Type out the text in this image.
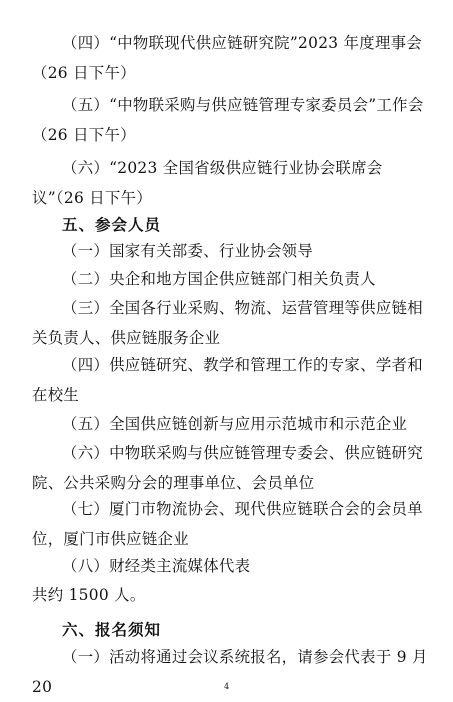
（四）“中物联现代供应链研究院”2023 年度理事会（26 日下午）
（五）“中物联采购与供应链管理专家委员会”工作会（26 日下午）
（六）“2023 全国省级供应链行业协会联席会议”（26 日下午）
五、参会人员
（一）国家有关部委、行业协会领导
（二）央企和地方国企供应链部门相关负责人
（三）全国各行业采购、物流、运营管理等供应链相关负责人、供应链服务企业
（四）供应链研究、教学和管理工作的专家、学者和在校生
（五）全国供应链创新与应用示范城市和示范企业
（六）中物联采购与供应链管理专委会、供应链研究院、公共采购分会的理事单位、会员单位
（七）厦门市物流协会、现代供应链联合会的会员单位，厦门市供应链企业
（八）财经类主流媒体代表
共约 1500 人。
六、报名须知
（一）活动将通过会议系统报名，请参会代表于 9 月 20	4
